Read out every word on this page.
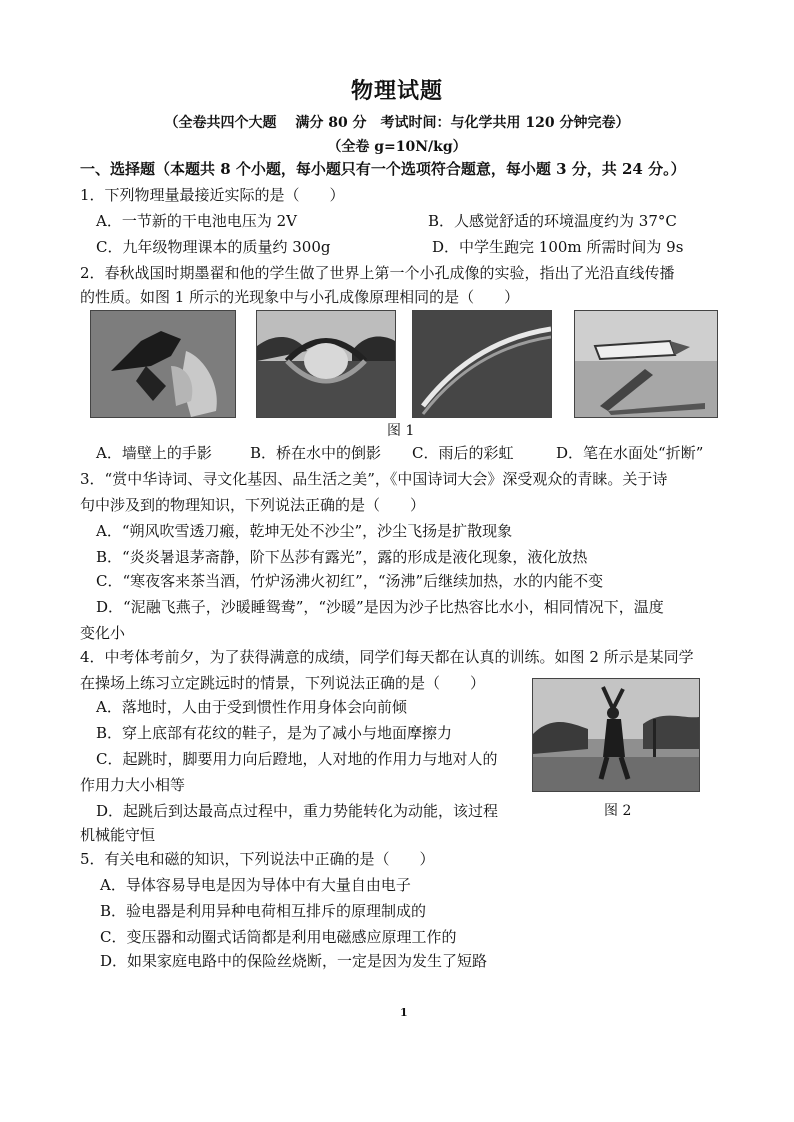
物理试题
（全卷共四个大题　 满分 80 分　考试时间：与化学共用 120 分钟完卷）
（全卷 g=10N/kg）
一、选择题（本题共 8 个小题，每小题只有一个选项符合题意，每小题 3 分，共 24 分。）
1．下列物理量最接近实际的是（　　）
A．一节新的干电池电压为 2V	B．人感觉舒适的环境温度约为 37°C
C．九年级物理课本的质量约 300g	D．中学生跑完 100m 所需时间为 9s
2．春秋战国时期墨翟和他的学生做了世界上第一个小孔成像的实验，指出了光沿直线传播
的性质。如图 1 所示的光现象中与小孔成像原理相同的是（　　）
图 1
A．墙壁上的手影	B．桥在水中的倒影 C．雨后的彩虹	D．笔在水面处“折断”
3．“赏中华诗词、寻文化基因、品生活之美”，《中国诗词大会》深受观众的青睐。关于诗
句中涉及到的物理知识，下列说法正确的是（　　）
A．“朔风吹雪透刀瘢，乾坤无处不沙尘”，沙尘飞扬是扩散现象
B．“炎炎暑退茅斋静，阶下丛莎有露光”，露的形成是液化现象，液化放热
C．“寒夜客来茶当酒，竹炉汤沸火初红”，“汤沸”后继续加热，水的内能不变
D．“泥融飞燕子，沙暖睡鸳鸯”，“沙暖”是因为沙子比热容比水小，相同情况下，温度
变化小
4．中考体考前夕，为了获得满意的成绩，同学们每天都在认真的训练。如图 2 所示是某同学
在操场上练习立定跳远时的情景，下列说法正确的是（　　）
A．落地时，人由于受到惯性作用身体会向前倾
B．穿上底部有花纹的鞋子，是为了减小与地面摩擦力
C．起跳时，脚要用力向后蹬地，人对地的作用力与地对人的
作用力大小相等
D．起跳后到达最高点过程中，重力势能转化为动能，该过程
机械能守恒
图 2
5．有关电和磁的知识，下列说法中正确的是（　　）
A．导体容易导电是因为导体中有大量自由电子
B．验电器是利用异种电荷相互排斥的原理制成的
C．变压器和动圈式话筒都是利用电磁感应原理工作的
D．如果家庭电路中的保险丝烧断，一定是因为发生了短路
1
